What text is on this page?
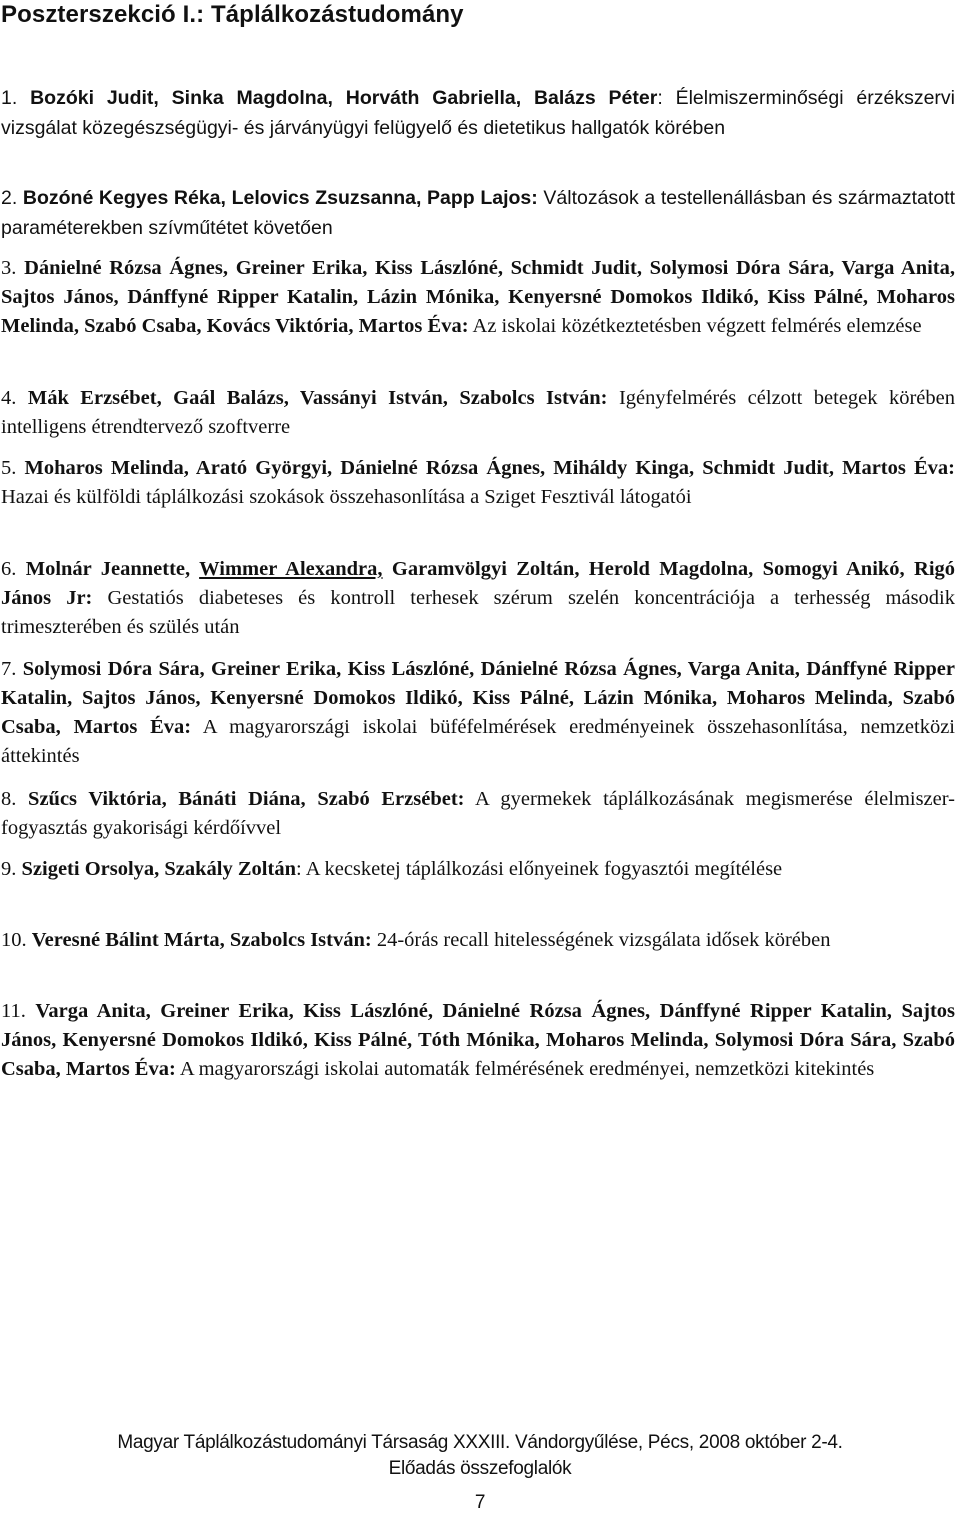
Poszterszekció I.: Táplálkozástudomány

1. Bozóki Judit, Sinka Magdolna, Horváth Gabriella, Balázs Péter: Élelmiszerminőségi érzékszervi vizsgálat közegészségügyi- és járványügyi felügyelő és dietetikus hallgatók körében

2. Bozóné Kegyes Réka, Lelovics Zsuzsanna, Papp Lajos: Változások a testellenállásban és származtatott paraméterekben szívműtétet követően

3. Dánielné Rózsa Ágnes, Greiner Erika, Kiss Lászlóné, Schmidt Judit, Solymosi Dóra Sára, Varga Anita, Sajtos János, Dánffyné Ripper Katalin, Lázin Mónika, Kenyersné Domokos Ildikó, Kiss Pálné, Moharos Melinda, Szabó Csaba, Kovács Viktória, Martos Éva: Az iskolai közétkeztetésben végzett felmérés elemzése

4. Mák Erzsébet, Gaál Balázs, Vassányi István, Szabolcs István: Igényfelmérés célzott betegek körében intelligens étrendtervező szoftverre

5. Moharos Melinda, Arató Györgyi, Dánielné Rózsa Ágnes, Miháldy Kinga, Schmidt Judit, Martos Éva: Hazai és külföldi táplálkozási szokások összehasonlítása a Sziget Fesztivál látogatói

6. Molnár Jeannette, Wimmer Alexandra, Garamvölgyi Zoltán, Herold Magdolna, Somogyi Anikó, Rigó János Jr: Gestatiós diabeteses és kontroll terhesek szérum szelén koncentrációja a terhesség második trimeszterében és szülés után

7. Solymosi Dóra Sára, Greiner Erika, Kiss Lászlóné, Dánielné Rózsa Ágnes, Varga Anita, Dánffyné Ripper Katalin, Sajtos János, Kenyersné Domokos Ildikó, Kiss Pálné, Lázin Mónika, Moharos Melinda, Szabó Csaba, Martos Éva: A magyarországi iskolai büféfelmérések eredményeinek összehasonlítása, nemzetközi áttekintés

8. Szűcs Viktória, Bánáti Diána, Szabó Erzsébet: A gyermekek táplálkozásának megismerése élelmiszer-fogyasztás gyakorisági kérdőívvel

9. Szigeti Orsolya, Szakály Zoltán: A kecsketej táplálkozási előnyeinek fogyasztói megítélése

10. Veresné Bálint Márta, Szabolcs István: 24-órás recall hitelességének vizsgálata idősek körében

11. Varga Anita, Greiner Erika, Kiss Lászlóné, Dánielné Rózsa Ágnes, Dánffyné Ripper Katalin, Sajtos János, Kenyersné Domokos Ildikó, Kiss Pálné, Tóth Mónika, Moharos Melinda, Solymosi Dóra Sára, Szabó Csaba, Martos Éva: A magyarországi iskolai automaták felmérésének eredményei, nemzetközi kitekintés

Magyar Táplálkozástudományi Társaság XXXIII. Vándorgyűlése, Pécs, 2008 október 2-4.
Előadás összefoglalók
7
